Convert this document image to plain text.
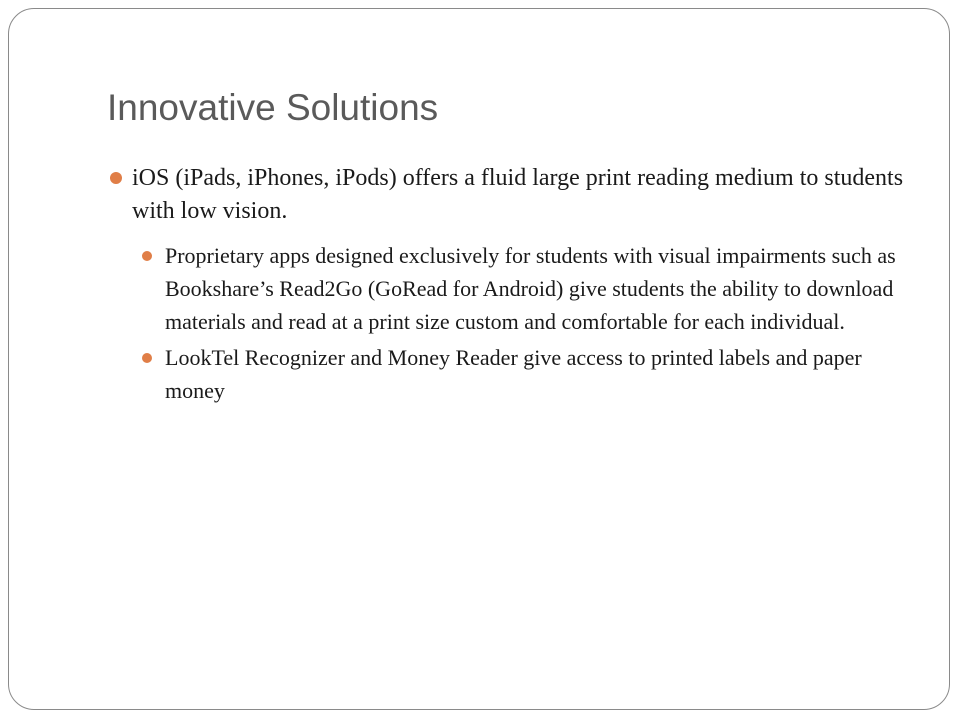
Innovative Solutions
iOS (iPads, iPhones, iPods) offers a fluid large print reading medium to students with low vision.
Proprietary apps designed exclusively for students with visual impairments such as Bookshare’s Read2Go (GoRead for Android) give students the ability to download materials and read at a print size custom and comfortable for each individual.
LookTel Recognizer and Money Reader give access to printed labels and paper money
